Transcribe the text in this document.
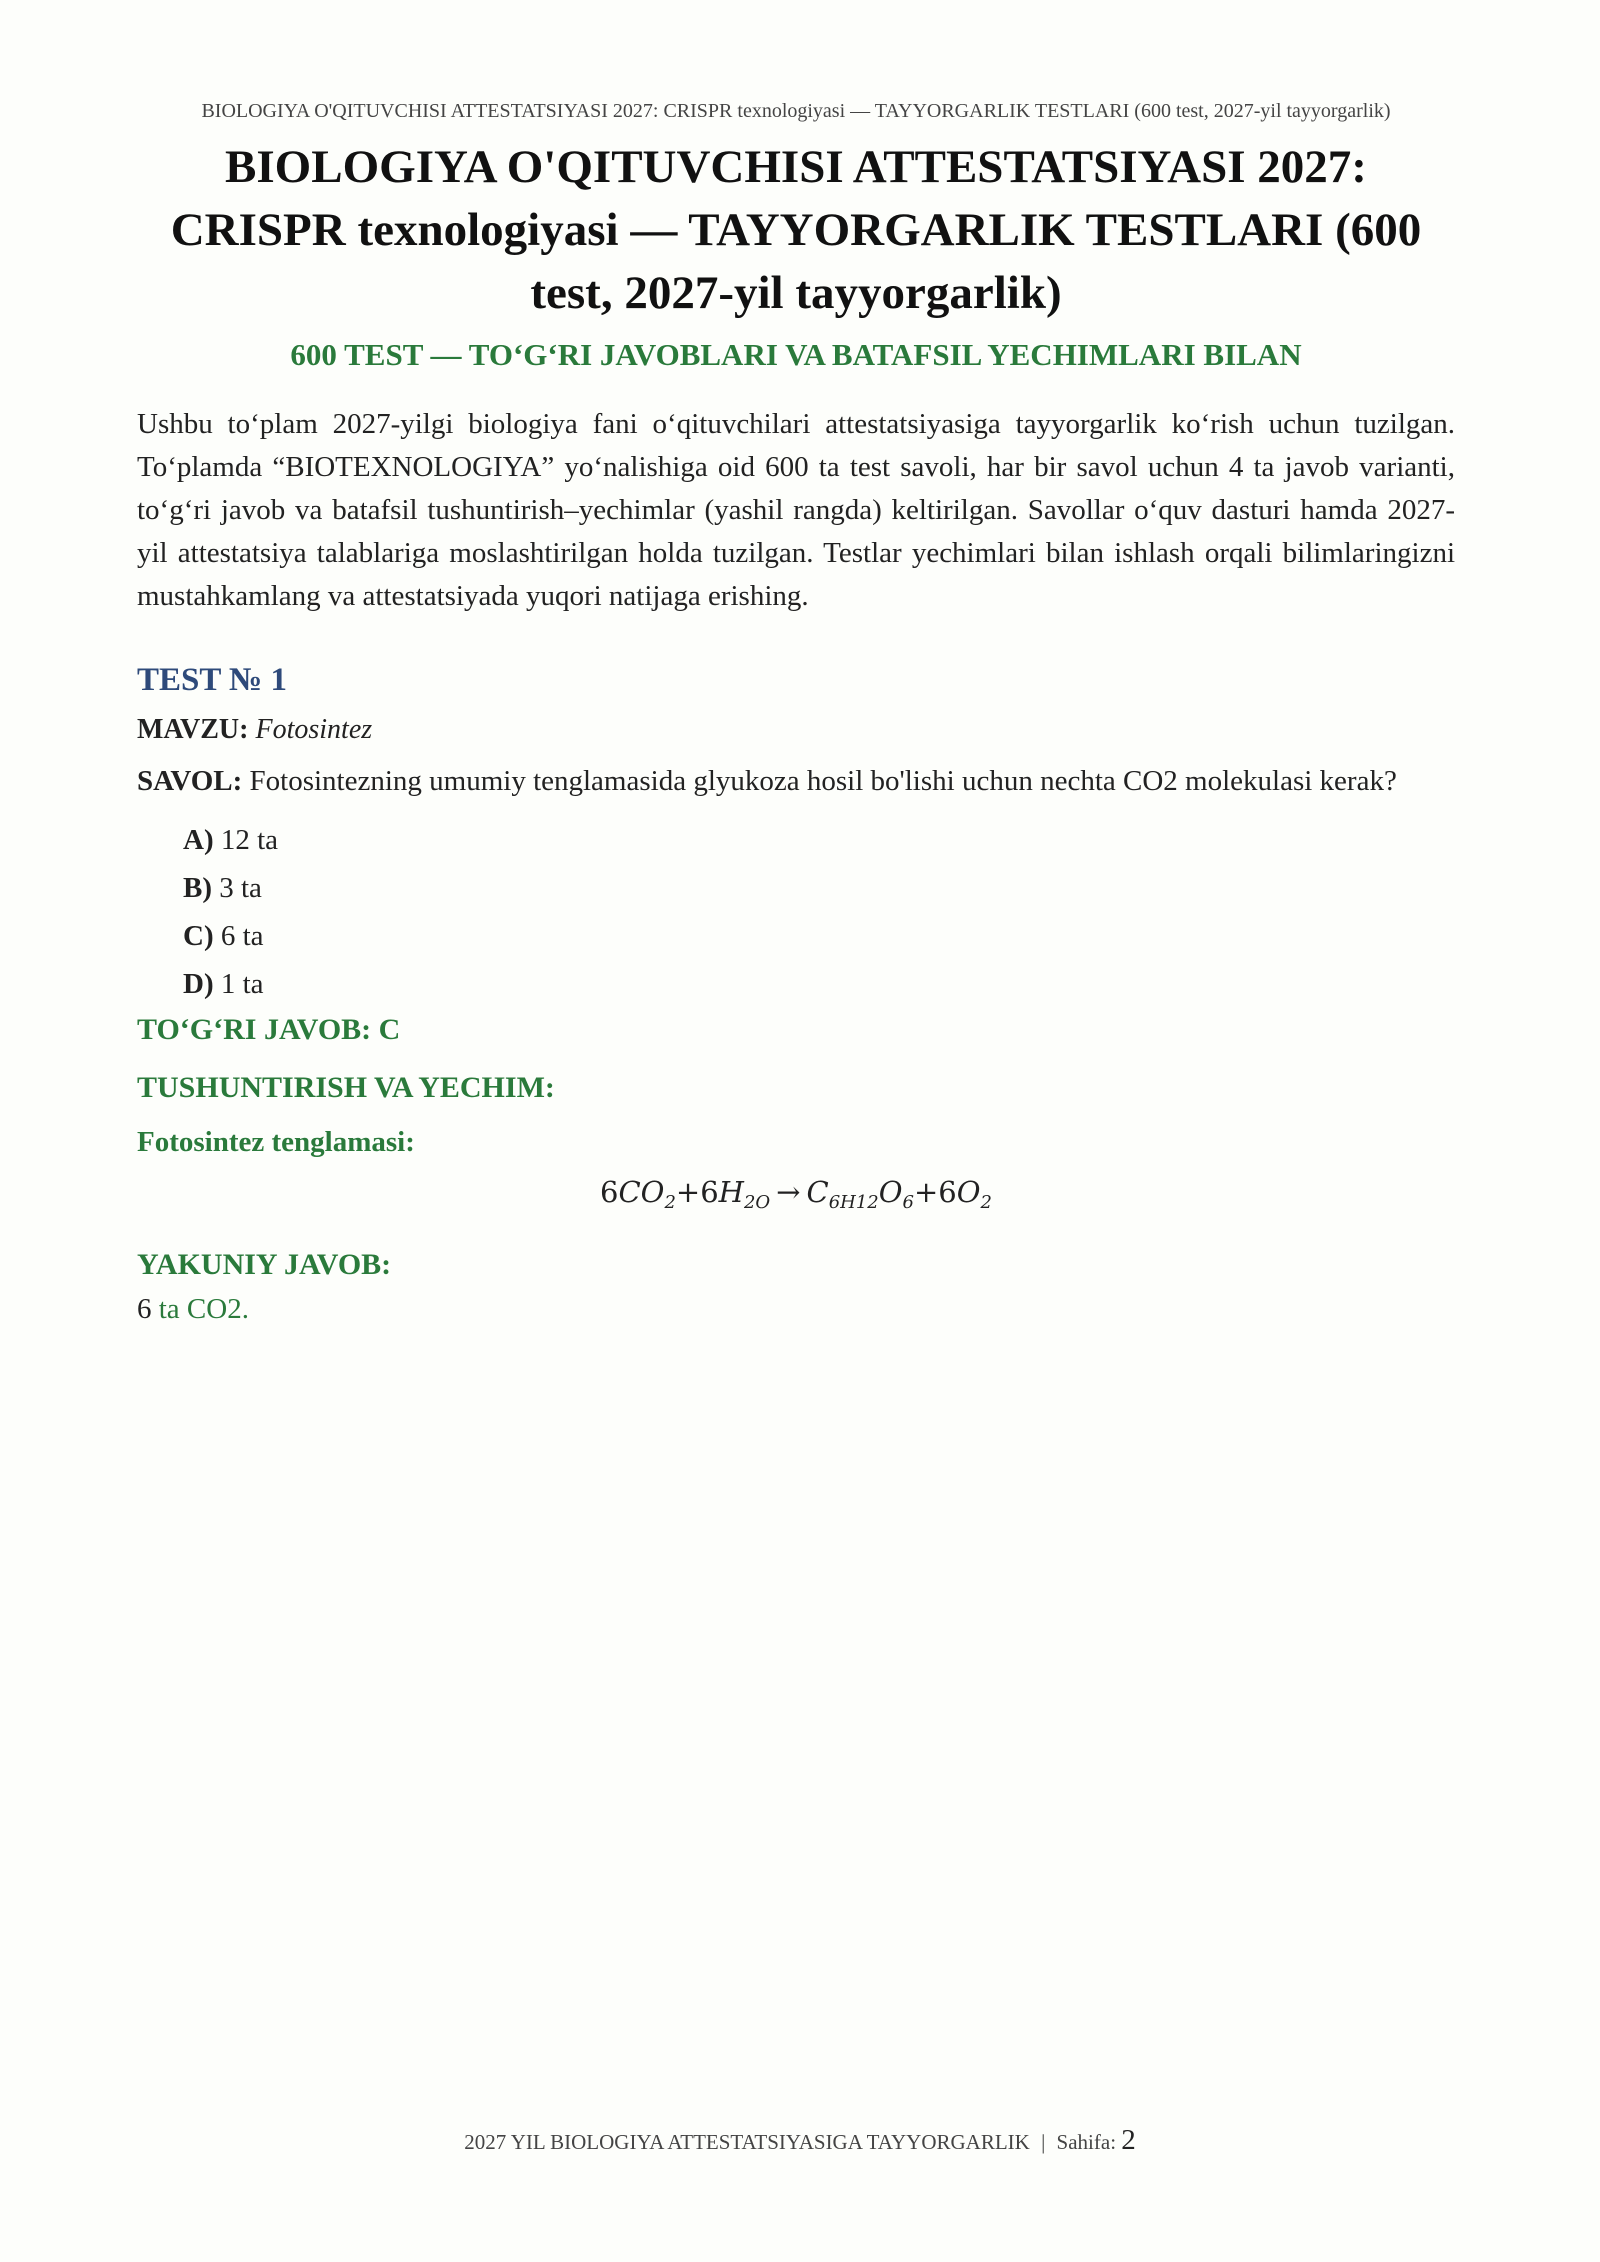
BIOLOGIYA O'QITUVCHISI ATTESTATSIYASI 2027: CRISPR texnologiyasi — TAYYORGARLIK TESTLARI (600 test, 2027-yil tayyorgarlik)
BIOLOGIYA O'QITUVCHISI ATTESTATSIYASI 2027:
CRISPR texnologiyasi — TAYYORGARLIK TESTLARI (600
test, 2027-yil tayyorgarlik)
600 TEST — TO‘G‘RI JAVOBLARI VA BATAFSIL YECHIMLARI BILAN
Ushbu to‘plam 2027-yilgi biologiya fani o‘qituvchilari attestatsiyasiga tayyorgarlik ko‘rish uchun tuzilgan. To‘plamda “BIOTEXNOLOGIYA” yo‘nalishiga oid 600 ta test savoli, har bir savol uchun 4 ta javob varianti, to‘g‘ri javob va batafsil tushuntirish–yechimlar (yashil rangda) keltirilgan. Savollar o‘quv dasturi hamda 2027-yil attestatsiya talablariga moslashtirilgan holda tuzilgan. Testlar yechimlari bilan ishlash orqali bilimlaringizni mustahkamlang va attestatsiyada yuqori natijaga erishing.
TEST № 1
MAVZU: Fotosintez
SAVOL: Fotosintezning umumiy tenglamasida glyukoza hosil bo'lishi uchun nechta CO2 molekulasi kerak?
A) 12 ta
B) 3 ta
C) 6 ta
D) 1 ta
TO‘G‘RI JAVOB: C
TUSHUNTIRISH VA YECHIM:
Fotosintez tenglamasi:
$6CO_2+6H_{2O} \to C_{6H12}O_6+6O_2$
YAKUNIY JAVOB:
6 ta CO2.
2027 YIL BIOLOGIYA ATTESTATSIYASIGA TAYYORGARLIK | Sahifa: 2
